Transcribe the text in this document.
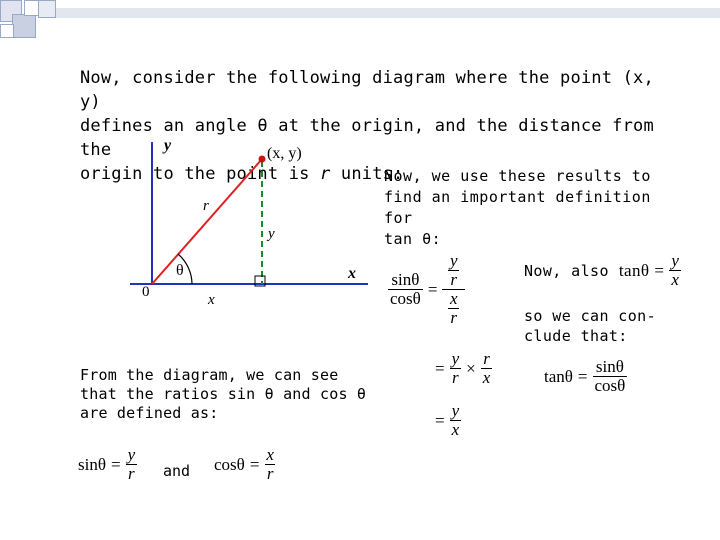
Now, consider the following diagram where the point (x, y)
defines an angle θ at the origin, and the distance from the
origin to the point is r units:
y	(x, y)
r
y
θ
0	x
x
Now, we use these results to
find an important definition for
tan θ:
$\frac{\sin\theta}{\cos\theta} = \frac{\frac{y}{r}}{\frac{x}{r}}$
= $\frac{y}{r} \times \frac{r}{x}$
= $\frac{y}{x}$
Now, also $\tan\theta = \frac{y}{x}$
so we can con-
clude that:
$\tan\theta = \frac{\sin\theta}{\cos\theta}$
From the diagram, we can see
that the ratios sin θ and cos θ
are defined as:
$\sin\theta = \frac{y}{r}$ and $\cos\theta = \frac{x}{r}$
